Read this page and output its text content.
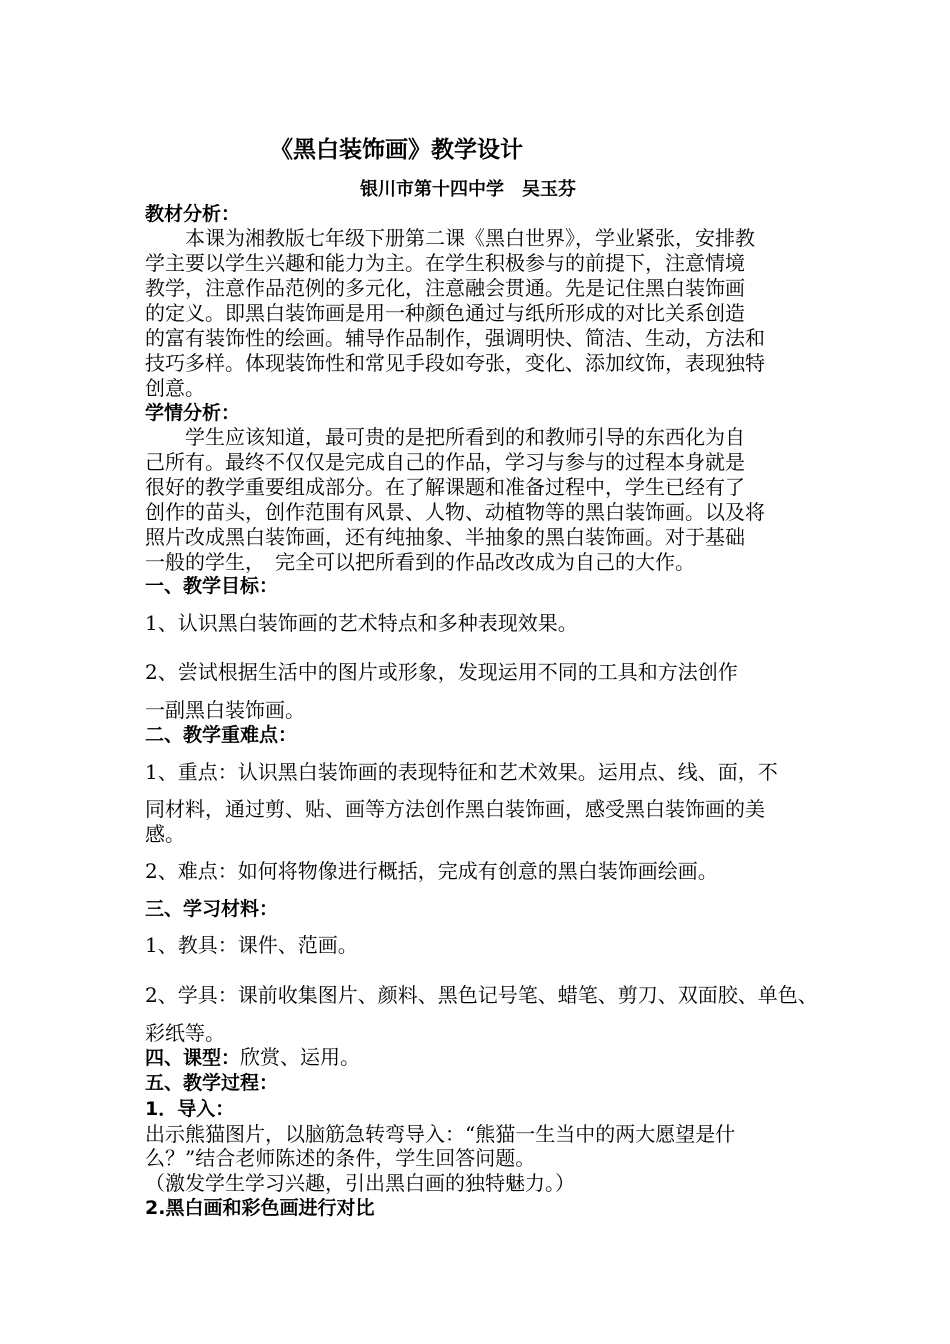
《黑白装饰画》教学设计
银川市第十四中学　吴玉芬
教材分析：
　　本课为湘教版七年级下册第二课《黑白世界》，学业紧张，安排教
学主要以学生兴趣和能力为主。在学生积极参与的前提下，注意情境
教学，注意作品范例的多元化，注意融会贯通。先是记住黑白装饰画
的定义。即黑白装饰画是用一种颜色通过与纸所形成的对比关系创造
的富有装饰性的绘画。辅导作品制作，强调明快、简洁、生动，方法和
技巧多样。体现装饰性和常见手段如夸张，变化、添加纹饰，表现独特
创意。
学情分析：
　　学生应该知道，最可贵的是把所看到的和教师引导的东西化为自
己所有。最终不仅仅是完成自己的作品，学习与参与的过程本身就是
很好的教学重要组成部分。在了解课题和准备过程中，学生已经有了
创作的苗头，创作范围有风景、人物、动植物等的黑白装饰画。以及将
照片改成黑白装饰画，还有纯抽象、半抽象的黑白装饰画。对于基础
一般的学生，　完全可以把所看到的作品改改成为自己的大作。
一、教学目标：
1、认识黑白装饰画的艺术特点和多种表现效果。
2、尝试根据生活中的图片或形象，发现运用不同的工具和方法创作
一副黑白装饰画。
二、教学重难点：
1、重点：认识黑白装饰画的表现特征和艺术效果。运用点、线、面，不
同材料，通过剪、贴、画等方法创作黑白装饰画，感受黑白装饰画的美
感。
2、难点：如何将物像进行概括，完成有创意的黑白装饰画绘画。
三、学习材料：
1、教具：课件、范画。
2、学具：课前收集图片、颜料、黑色记号笔、蜡笔、剪刀、双面胶、单色、
彩纸等。
四、课型：欣赏、运用。
五、教学过程：
1．导入：
出示熊猫图片，以脑筋急转弯导入：“熊猫一生当中的两大愿望是什
么？”结合老师陈述的条件，学生回答问题。
（激发学生学习兴趣，引出黑白画的独特魅力。）
2.黑白画和彩色画进行对比
